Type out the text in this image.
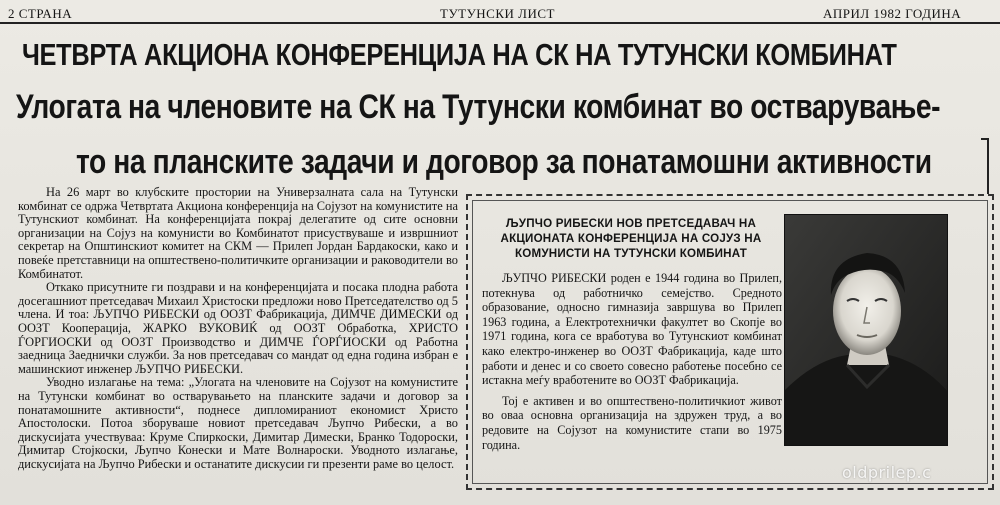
2 СТРАНА	ТУТУНСКИ ЛИСТ	АПРИЛ 1982 ГОДИНА
ЧЕТВРТА АКЦИОНА КОНФЕРЕНЦИЈА НА СК НА ТУТУНСКИ КОМБИНАТ
Улогата на членовите на СК на Тутунски комбинат во остварување-
то на планските задачи и договор за понатамошни активности

На 26 март во клубските простории на Универзалната сала на Тутунски комбинат се одржа Четвртата Акциона конференција на Сојузот на комунистите на Тутунскиот комбинат. На конференцијата покрај делегатите од сите основни организации на Сојуз на комунисти во Комбинатот присуствуваше и извршниот секретар на Општинскиот комитет на СКМ — Прилеп Јордан Бардакоски, како и повеќе претставници на општествено-политичките организации и раководители во Комбинатот.

Откако присутните ги поздрави и на конференцијата и посака плодна работа досегашниот претседавач Михаил Христоски предложи ново Претседателство од 5 члена. И тоа: ЉУПЧО РИБЕСКИ од ООЗТ Фабрикација, ДИМЧЕ ДИМЕСКИ од ООЗТ Кооперација, ЖАРКО ВУКОВИЌ од ООЗТ Обработка, ХРИСТО ЃОРГИОСКИ од ООЗТ Производство и ДИМЧЕ ЃОРЃИОСКИ од Работна заедница Заеднички служби. За нов претседавач со мандат од една година избран е машинскиот инженер ЉУПЧО РИБЕСКИ.

Уводно излагање на тема: „Улогата на членовите на Сојузот на комунистите на Тутунски комбинат во остварувањето на планските задачи и договор за понатамошните активности“, поднесе дипломираниот економист Христо Апостолоски. Потоа зборуваше новиот претседавач Љупчо Рибески, а во дискусијата учествуваа: Круме Спиркоски, Димитар Димески, Бранко Тодороски, Димитар Стојкоски, Љупчо Конески и Мате Волнароски. Уводното излагање, дискусијата на Љупчо Рибески и останатите дискусии ги презенти раме во целост.

ЉУПЧО РИБЕСКИ НОВ ПРЕТСЕДАВАЧ НА АКЦИОНАТА КОНФЕРЕНЦИЈА НА СОЈУЗ НА КОМУНИСТИ НА ТУТУНСКИ КОМБИНАТ

ЉУПЧО РИБЕСКИ роден е 1944 година во Прилеп, потекнува од работничко семејство. Средното образование, односно гимназија завршува во Прилеп 1963 година, а Електротехнички факултет во Скопје во 1971 година, кога се вработува во Тутунскиот комбинат како електро-инженер во ООЗТ Фабрикација, каде што работи и денес и со своето совесно работење посебно се истакна меѓу вработените во ООЗТ Фабрикација.

Тој е активен и во општествено-политичкиот живот во оваа основна организација на здружен труд, а во редовите на Сојузот на комунистите стапи во 1975 година.

oldprilep.c
